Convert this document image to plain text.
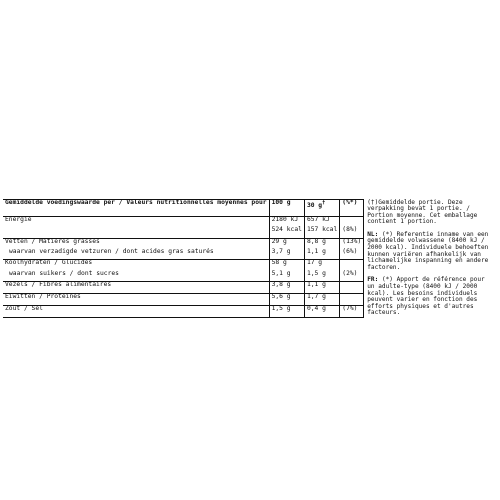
Gemiddelde voedingswaarde per / Valeurs nutritionnelles moyennes pour	100 g	30 g†	(%*)	(†)Gemiddelde portie. Deze verpakking bevat 1 portie. / Portion moyenne. Cet emballage contient 1 portion.
NL: (*) Referentie inname van een gemiddelde volwassene (8400 kJ / 2000 kcal). Individuele behoeften kunnen variëren afhankelijk van lichamelijke inspanning en andere factoren.
FR: (*) Apport de référence pour un adulte-type (8400 kJ / 2000 kcal). Les besoins individuels peuvent varier en fonction des efforts physiques et d'autres facteurs.

Energie	2180 kJ	657 kJ		
	524 kcal	157 kcal	(8%)	
Vetten / Matières grasses	29 g	8,8 g	(13%)	
waarvan verzadigde vetzuren / dont acides gras saturés	3,7 g	1,1 g	(6%)	
Koolhydraten / Glucides	58 g	17 g		
waarvan suikers / dont sucres	5,1 g	1,5 g	(2%)	
Vezels / Fibres alimentaires	3,8 g	1,1 g		
Eiwitten / Protéines	5,6 g	1,7 g		
Zout / Sel	1,5 g	0,4 g	(7%)	
